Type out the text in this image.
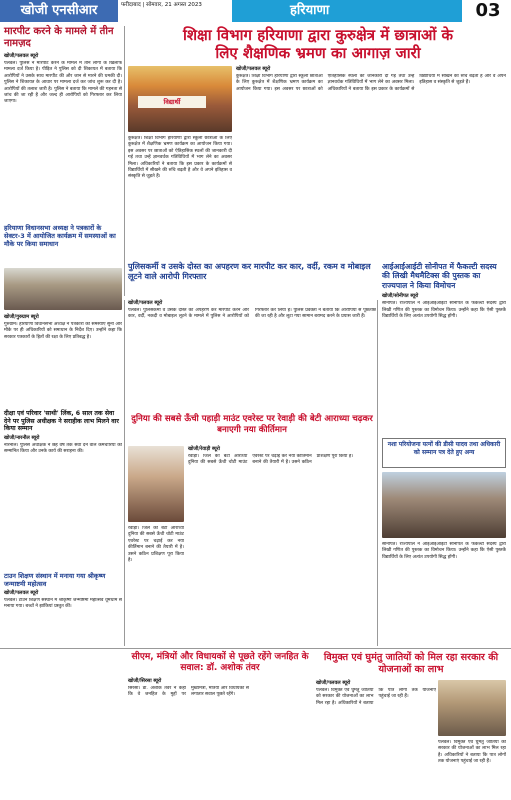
खोजी एनसीआर	फरीदाबाद | सोमवार, 21 अगस्त 2023	हरियाणा	03
मारपीट करने के मामले में तीन नामज़द
खोजी/पलवल ब्यूरो
पलवल। पुलिस ने मारपीट करने के मामले में तीन लोगों के खिलाफ मामला दर्ज किया है। पीड़ित ने पुलिस को दी शिकायत में बताया कि आरोपियों ने उसके साथ मारपीट की और जान से मारने की धमकी दी। पुलिस ने शिकायत के आधार पर मामला दर्ज कर जांच शुरू कर दी है। आरोपियों की तलाश जारी है। पुलिस ने बताया कि मामले की गहनता से जांच की जा रही है और जल्द ही आरोपियों को गिरफ्तार कर लिया जाएगा।
हरियाणा विधानसभा अध्यक्ष ने पत्रकारों के सेक्टर-3 में आयोजित कार्यक्रम में समस्याओं का मौके पर किया समाधान
खोजी/गुरुग्राम ब्यूरो
गुरुग्राम। हरियाणा विधानसभा अध्यक्ष ने पत्रकारों की समस्याएं सुनीं और मौके पर ही अधिकारियों को समाधान के निर्देश दिए। उन्होंने कहा कि सरकार पत्रकारों के हितों की रक्षा के लिए प्रतिबद्ध है।
दीक्षा एवं परिवार 'साथी' लिंक, 6 साल तक सेवा देने पर पुलिस अधीक्षक ने सराहीक लाभ मिलने वार किया सम्मान
खोजी/नारनौल ब्यूरो
नारनौल। पुलिस अधीक्षक ने छह वर्ष तक सेवा देने वाले कर्मचारियों को सम्मानित किया और उनके कार्य की सराहना की।
टाउन शिक्षण संस्थान में मनाया गया श्रीकृष्ण जन्माष्टमी महोत्सव
खोजी/पलवल ब्यूरो
पलवल। टाउन शिक्षण संस्थान में श्रीकृष्ण जन्माष्टमी महोत्सव धूमधाम से मनाया गया। बच्चों ने झांकियां प्रस्तुत कीं।
शिक्षा विभाग हरियाणा द्वारा कुरुक्षेत्र में छात्राओं के
लिए शैक्षणिक भ्रमण का आगाज़ जारी
विद्यार्थी
खोजी/पलवल ब्यूरो
कुरुक्षेत्र। शिक्षा विभाग हरियाणा द्वारा स्कूली छात्राओं के लिए कुरुक्षेत्र में शैक्षणिक भ्रमण कार्यक्रम का आयोजन किया गया। इस अवसर पर छात्राओं को ऐतिहासिक स्थलों की जानकारी दी गई तथा उन्हें ज्ञानवर्धक गतिविधियों में भाग लेने का अवसर मिला। अधिकारियों ने बताया कि इस प्रकार के कार्यक्रमों से विद्यार्थियों में सीखने की रुचि बढ़ती है और वे अपने इतिहास व संस्कृति से जुड़ते हैं।
कुरुक्षेत्र। शिक्षा विभाग हरियाणा द्वारा स्कूली छात्राओं के लिए कुरुक्षेत्र में शैक्षणिक भ्रमण कार्यक्रम का आयोजन किया गया। इस अवसर पर छात्राओं को ऐतिहासिक स्थलों की जानकारी दी गई तथा उन्हें ज्ञानवर्धक गतिविधियों में भाग लेने का अवसर मिला। अधिकारियों ने बताया कि इस प्रकार के कार्यक्रमों से विद्यार्थियों में सीखने की रुचि बढ़ती है और वे अपने इतिहास व संस्कृति से जुड़ते हैं।
पुलिसकर्मी व उसके दोस्त का अपहरण कर मारपीट कर कार, वर्दी, रकम व मोबाइल लूटने वाले आरोपी गिरफ्तार
खोजी/पलवल ब्यूरो
पलवल। पुलिसकर्मी व उसके दोस्त का अपहरण कर मारपीट करने और कार, वर्दी, नकदी व मोबाइल लूटने के मामले में पुलिस ने आरोपियों को गिरफ्तार कर लिया है। पुलिस प्रवक्ता ने बताया कि आरोपियों से पूछताछ की जा रही है और लूटा गया सामान बरामद करने के प्रयास जारी हैं।
आईआईआईटी सोनीपत में फैकल्टी सदस्य की लिखी मैथमैटिक्स की पुस्तक का राज्यपाल ने किया विमोचन
खोजी/सोनीपत ब्यूरो
सोनीपत। राज्यपाल ने आईआईआईटी सोनीपत के फैकल्टी सदस्य द्वारा लिखी गणित की पुस्तक का विमोचन किया। उन्होंने कहा कि ऐसी पुस्तकें विद्यार्थियों के लिए अत्यंत उपयोगी सिद्ध होंगी।
नशा परियोजना यत्नों की डीसी यादव तथा अधिकारी को सम्मान पत्र देते हुए अन्य
सोनीपत। राज्यपाल ने आईआईआईटी सोनीपत के फैकल्टी सदस्य द्वारा लिखी गणित की पुस्तक का विमोचन किया। उन्होंने कहा कि ऐसी पुस्तकें विद्यार्थियों के लिए अत्यंत उपयोगी सिद्ध होंगी।
दुनिया की सबसे ऊँची पहाड़ी माउंट एवरेस्ट पर रेवाड़ी की बेटी आराध्या चढ़कर बनाएगी नया कीर्तिमान
खोजी/रेवाड़ी ब्यूरो
रेवाड़ी। जिले की बेटी आराध्या दुनिया की सबसे ऊँची चोटी माउंट एवरेस्ट पर चढ़ाई कर नया कीर्तिमान बनाने की तैयारी में है। उसने कठिन प्रशिक्षण पूरा किया है।
रेवाड़ी। जिले की बेटी आराध्या दुनिया की सबसे ऊँची चोटी माउंट एवरेस्ट पर चढ़ाई कर नया कीर्तिमान बनाने की तैयारी में है। उसने कठिन प्रशिक्षण पूरा किया है।
सीएम, मंत्रियों और विधायकों से पूछते रहेंगे जनहित के सवाल: डॉ. अशोक तंवर
खोजी/सिरसा ब्यूरो
सिरसा। डॉ. अशोक तंवर ने कहा कि वे जनहित के मुद्दों पर मुख्यमंत्री, मंत्रियों और विधायकों से लगातार सवाल पूछते रहेंगे।
विमुक्त एवं घुमंतु जातियों को मिल रहा सरकार की योजनाओं का लाभ
खोजी/पलवल ब्यूरो
पलवल। विमुक्त एवं घुमंतु जातियों को सरकार की योजनाओं का लाभ मिल रहा है। अधिकारियों ने बताया कि पात्र लोगों तक योजनाएं पहुंचाई जा रही हैं।
पलवल। विमुक्त एवं घुमंतु जातियों को सरकार की योजनाओं का लाभ मिल रहा है। अधिकारियों ने बताया कि पात्र लोगों तक योजनाएं पहुंचाई जा रही हैं।
